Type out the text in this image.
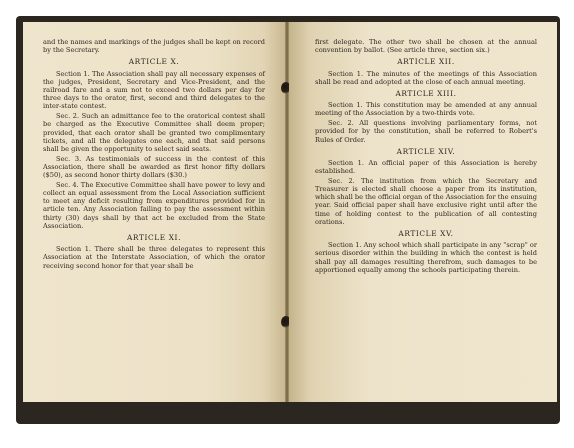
and the names and markings of the judges shall be kept on record by the Secretary.

ARTICLE X.

Section 1. The Association shall pay all necessary expenses of the judges, President, Secretary and Vice-President, and the railroad fare and a sum not to exceed two dollars per day for three days to the orator, first, second and third delegates to the inter-state contest.

Sec. 2. Such an admittance fee to the oratorical contest shall be charged as the Executive Committee shall deem proper; provided, that each orator shall be granted two complimentary tickets, and all the delegates one each, and that said persons shall be given the opportunity to select said seats.

Sec. 3. As testimonials of success in the contest of this Association, there shall be awarded as first honor fifty dollars ($50), as second honor thirty dollars ($30.)

Sec. 4. The Executive Committee shall have power to levy and collect an equal assessment from the Local Association sufficient to meet any deficit resulting from expenditures provided for in article ten. Any Association failing to pay the assessment within thirty (30) days shall by that act be excluded from the State Association.

ARTICLE XI.

Section 1. There shall be three delegates to represent this Association at the Interstate Association, of which the orator receiving second honor for that year shall be

first delegate. The other two shall be chosen at the annual convention by ballot. (See article three, section six.)

ARTICLE XII.

Section 1. The minutes of the meetings of this Association shall be read and adopted at the close of each annual meeting.

ARTICLE XIII.

Section 1. This constitution may be amended at any annual meeting of the Association by a two-thirds vote.

Sec. 2. All questions involving parliamentary forms, not provided for by the constitution, shall be referred to Robert's Rules of Order.

ARTICLE XIV.

Section 1. An official paper of this Association is hereby established.

Sec. 2. The institution from which the Secretary and Treasurer is elected shall choose a paper from its institution, which shall be the official organ of the Association for the ensuing year. Said official paper shall have exclusive right until after the time of holding contest to the publication of all contesting orations.

ARTICLE XV.

Section 1. Any school which shall participate in any "scrap" or serious disorder within the building in which the contest is held shall pay all damages resulting therefrom, such damages to be apportioned equally among the schools participating therein.
